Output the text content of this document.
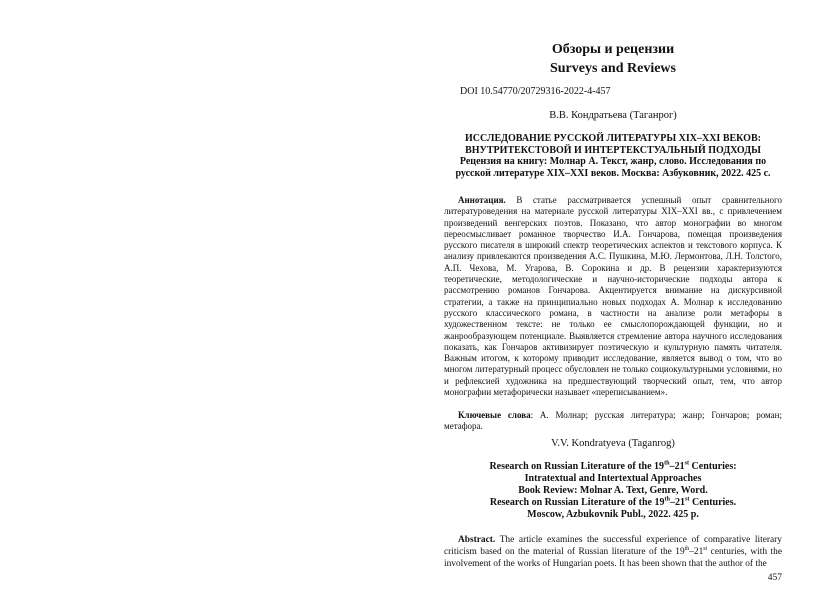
Обзоры и рецензии
Surveys and Reviews
DOI 10.54770/20729316-2022-4-457
В.В. Кондратьева (Таганрог)
ИССЛЕДОВАНИЕ РУССКОЙ ЛИТЕРАТУРЫ XIX–XXI ВЕКОВ:
ВНУТРИТЕКСТОВОЙ И ИНТЕРТЕКСТУАЛЬНЫЙ ПОДХОДЫ
Рецензия на книгу: Молнар А. Текст, жанр, слово. Исследования по
русской литературе XIX–XXI веков. Москва: Азбуковник, 2022. 425 с.

Аннотация. В статье рассматривается успешный опыт сравнительного литературоведения на материале русской литературы XIX–XXI вв., с привлечением произведений венгерских поэтов. Показано, что автор монографии во многом переосмысливает романное творчество И.А. Гончарова, помещая произведения русского писателя в широкий спектр теоретических аспектов и текстового корпуса. К анализу привлекаются произведения А.С. Пушкина, М.Ю. Лермонтова, Л.Н. Толстого, А.П. Чехова, М. Угарова, В. Сорокина и др. В рецензии характеризуются теоретические, методологические и научно-исторические подходы автора к рассмотрению романов Гончарова. Акцентируется внимание на дискурсивной стратегии, а также на принципиально новых подходах А. Молнар к исследованию русского классического романа, в частности на анализе роли метафоры в художественном тексте: не только ее смыслопорождающей функции, но и жанрообразующем потенциале. Выявляется стремление автора научного исследования показать, как Гончаров активизирует поэтическую и культурную память читателя. Важным итогом, к которому приводит исследование, является вывод о том, что во многом литературный процесс обусловлен не только социокультурными условиями, но и рефлексией художника на предшествующий творческий опыт, тем, что автор монографии метафорически называет «переписыванием».

Ключевые слова: А. Молнар; русская литература; жанр; Гончаров; роман; метафора.

V.V. Kondratyeva (Taganrog)
Research on Russian Literature of the 19th–21st Centuries:
Intratextual and Intertextual Approaches
Book Review: Molnar A. Text, Genre, Word.
Research on Russian Literature of the 19th–21st Centuries.
Moscow, Azbukovnik Publ., 2022. 425 p.

Abstract. The article examines the successful experience of comparative literary criticism based on the material of Russian literature of the 19th–21st centuries, with the involvement of the works of Hungarian poets. It has been shown that the author of the

457
